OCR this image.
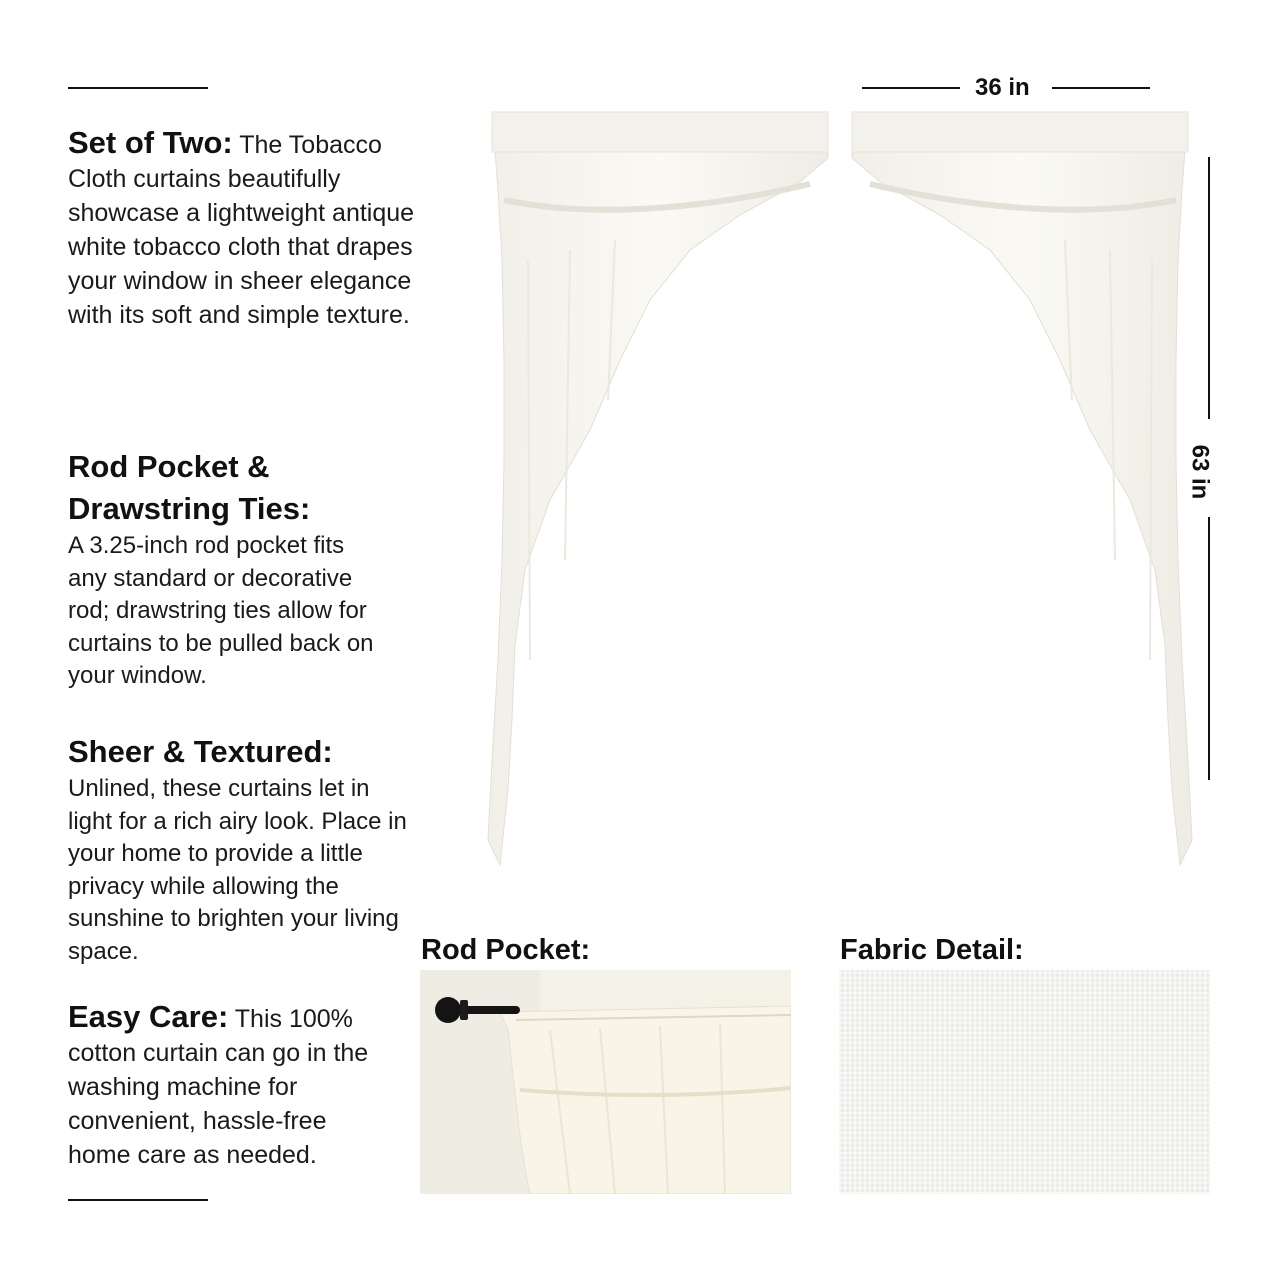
Set of Two: The Tobacco Cloth curtains beautifully showcase a lightweight antique white tobacco cloth that drapes your window in sheer elegance with its soft and simple texture.

Rod Pocket & Drawstring Ties:
A 3.25-inch rod pocket fits any standard or decorative rod; drawstring ties allow for curtains to be pulled back on your window.

Sheer & Textured:
Unlined, these curtains let in light for a rich airy look. Place in your home to provide a little privacy while allowing the sunshine to brighten your living space.

Easy Care: This 100% cotton curtain can go in the washing machine for convenient, hassle-free home care as needed.

36 in
63 in
Rod Pocket:	Fabric Detail:
